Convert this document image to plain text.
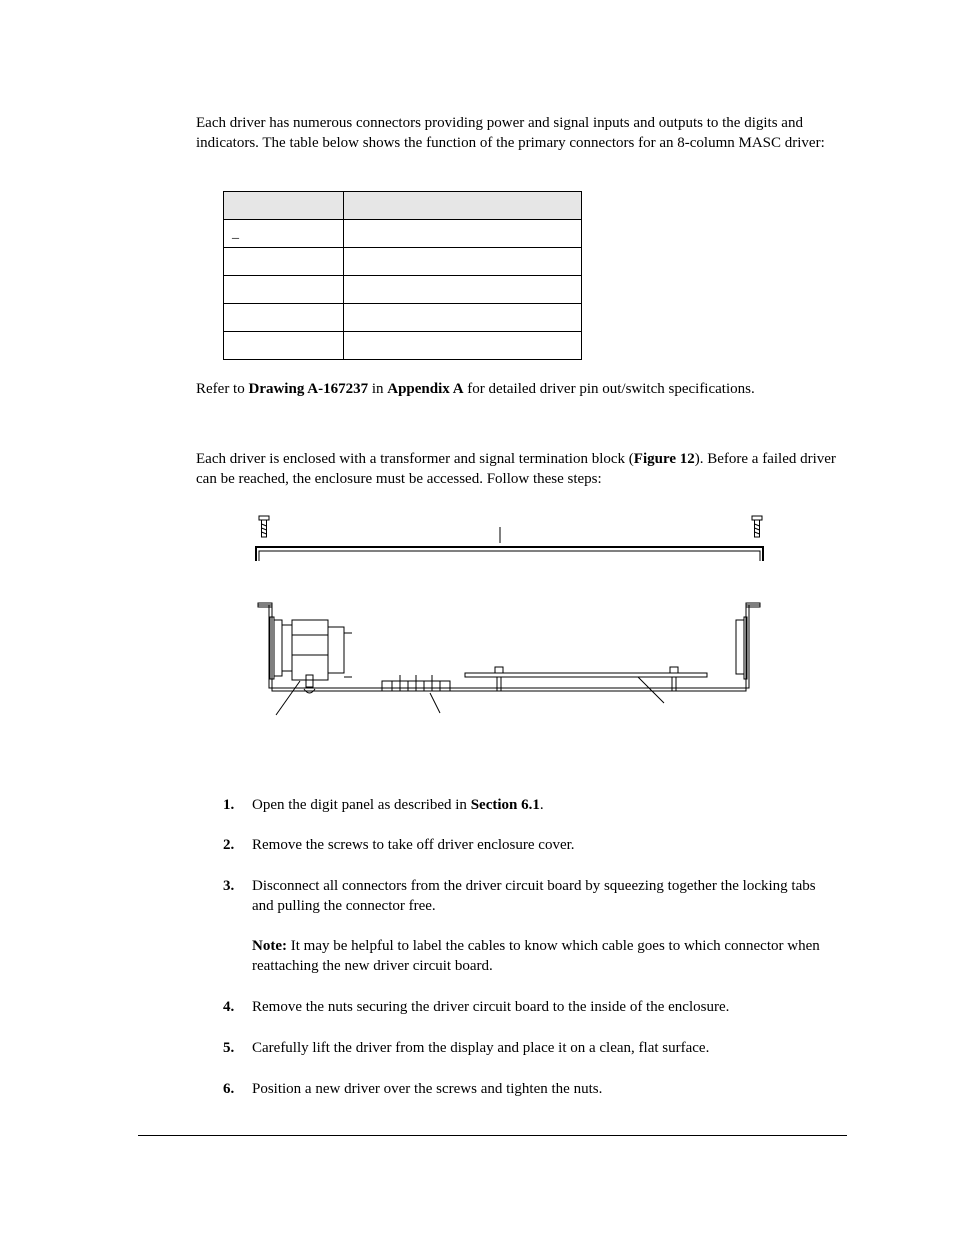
Each driver has numerous connectors providing power and signal inputs and outputs to the digits and indicators. The table below shows the function of the primary connectors for an 8-column MASC driver:

_	

Refer to Drawing A-167237 in Appendix A for detailed driver pin out/switch specifications.

Each driver is enclosed with a transformer and signal termination block (Figure 12). Before a failed driver can be reached, the enclosure must be accessed. Follow these steps:

1. Open the digit panel as described in Section 6.1.
2. Remove the screws to take off driver enclosure cover.
3. Disconnect all connectors from the driver circuit board by squeezing together the locking tabs and pulling the connector free.
Note: It may be helpful to label the cables to know which cable goes to which connector when reattaching the new driver circuit board.
4. Remove the nuts securing the driver circuit board to the inside of the enclosure.
5. Carefully lift the driver from the display and place it on a clean, flat surface.
6. Position a new driver over the screws and tighten the nuts.
